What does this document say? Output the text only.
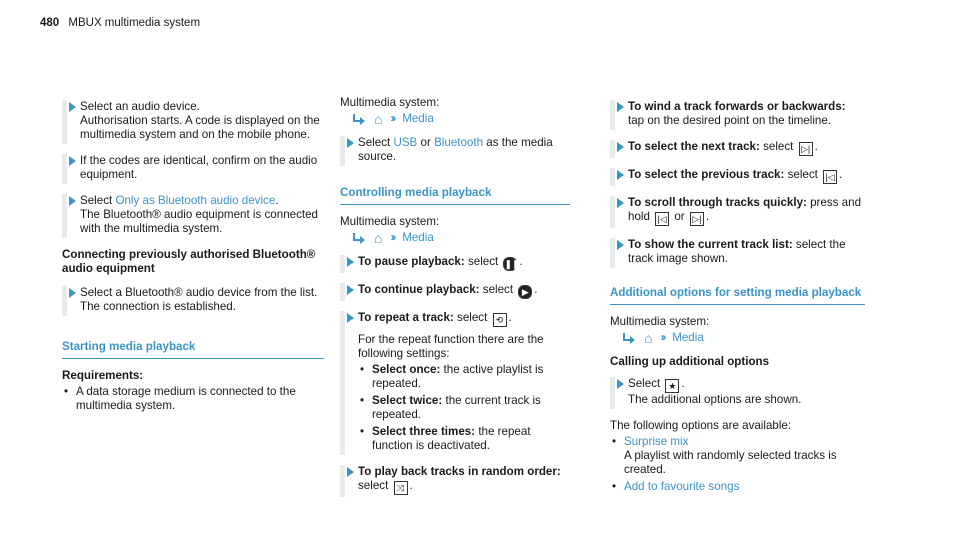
480 MBUX multimedia system
Select an audio device.
Authorisation starts. A code is displayed on the multimedia system and on the mobile phone.
If the codes are identical, confirm on the audio equipment.
Select Only as Bluetooth audio device.
The Bluetooth® audio equipment is connected with the multimedia system.
Connecting previously authorised Bluetooth® audio equipment
Select a Bluetooth® audio device from the list.
The connection is established.
Starting media playback
Requirements:
• A data storage medium is connected to the multimedia system.
Multimedia system:
⌂ ›› Media
Select USB or Bluetooth as the media source.
Controlling media playback
Multimedia system:
⌂ ›› Media
To pause playback: select ❚❚.
To continue playback: select ▶ .
To repeat a track: select ⟲ .
For the repeat function there are the following settings:
• Select once: the active playlist is repeated.
• Select twice: the current track is repeated.
• Select three times: the repeat function is deactivated.
To play back tracks in random order:
select ⤨ .
To wind a track forwards or backwards:
tap on the desired point on the timeline.
To select the next track: select ▷| .
To select the previous track: select |◁ .
To scroll through tracks quickly: press and hold |◁ or ▷| .
To show the current track list: select the track image shown.
Additional options for setting media playback
Multimedia system:
⌂ ›› Media
Calling up additional options
Select ★ .
The additional options are shown.
The following options are available:
• Surprise mix
A playlist with randomly selected tracks is created.
• Add to favourite songs
